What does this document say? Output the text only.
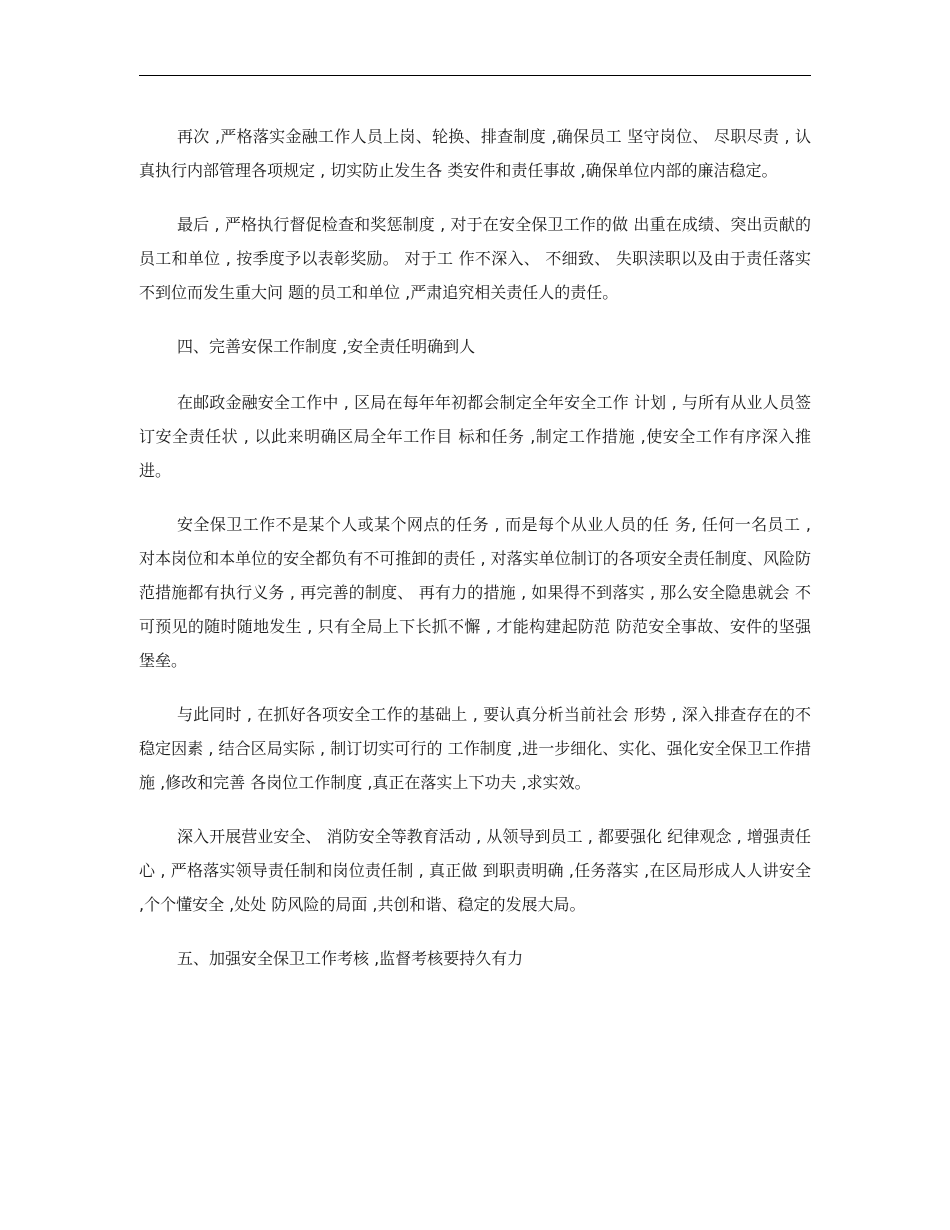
再次 ,严格落实金融工作人员上岗、轮换、排查制度 ,确保员工 坚守岗位、 尽职尽责 , 认真执行内部管理各项规定 , 切实防止发生各 类安件和责任事故 ,确保单位内部的廉洁稳定。

最后 , 严格执行督促检查和奖惩制度 , 对于在安全保卫工作的做 出重在成绩、突出贡献的员工和单位 , 按季度予以表彰奖励。 对于工 作不深入、 不细致、 失职渎职以及由于责任落实不到位而发生重大问 题的员工和单位 ,严肃追究相关责任人的责任。

四、完善安保工作制度 ,安全责任明确到人

在邮政金融安全工作中 , 区局在每年年初都会制定全年安全工作 计划 , 与所有从业人员签订安全责任状 , 以此来明确区局全年工作目 标和任务 ,制定工作措施 ,使安全工作有序深入推进。

安全保卫工作不是某个人或某个网点的任务 , 而是每个从业人员的任 务, 任何一名员工 , 对本岗位和本单位的安全都负有不可推卸的责任 , 对落实单位制订的各项安全责任制度、风险防范措施都有执行义务 , 再完善的制度、 再有力的措施 , 如果得不到落实 , 那么安全隐患就会 不可预见的随时随地发生 , 只有全局上下长抓不懈 , 才能构建起防范 防范安全事故、安件的坚强堡垒。

与此同时 , 在抓好各项安全工作的基础上 , 要认真分析当前社会 形势 , 深入排查存在的不稳定因素 , 结合区局实际 , 制订切实可行的 工作制度 ,进一步细化、实化、强化安全保卫工作措施 ,修改和完善 各岗位工作制度 ,真正在落实上下功夫 ,求实效。

深入开展营业安全、 消防安全等教育活动 , 从领导到员工 , 都要强化 纪律观念 , 增强责任心 , 严格落实领导责任制和岗位责任制 , 真正做 到职责明确 ,任务落实 ,在区局形成人人讲安全 ,个个懂安全 ,处处 防风险的局面 ,共创和谐、稳定的发展大局。

五、加强安全保卫工作考核 ,监督考核要持久有力
